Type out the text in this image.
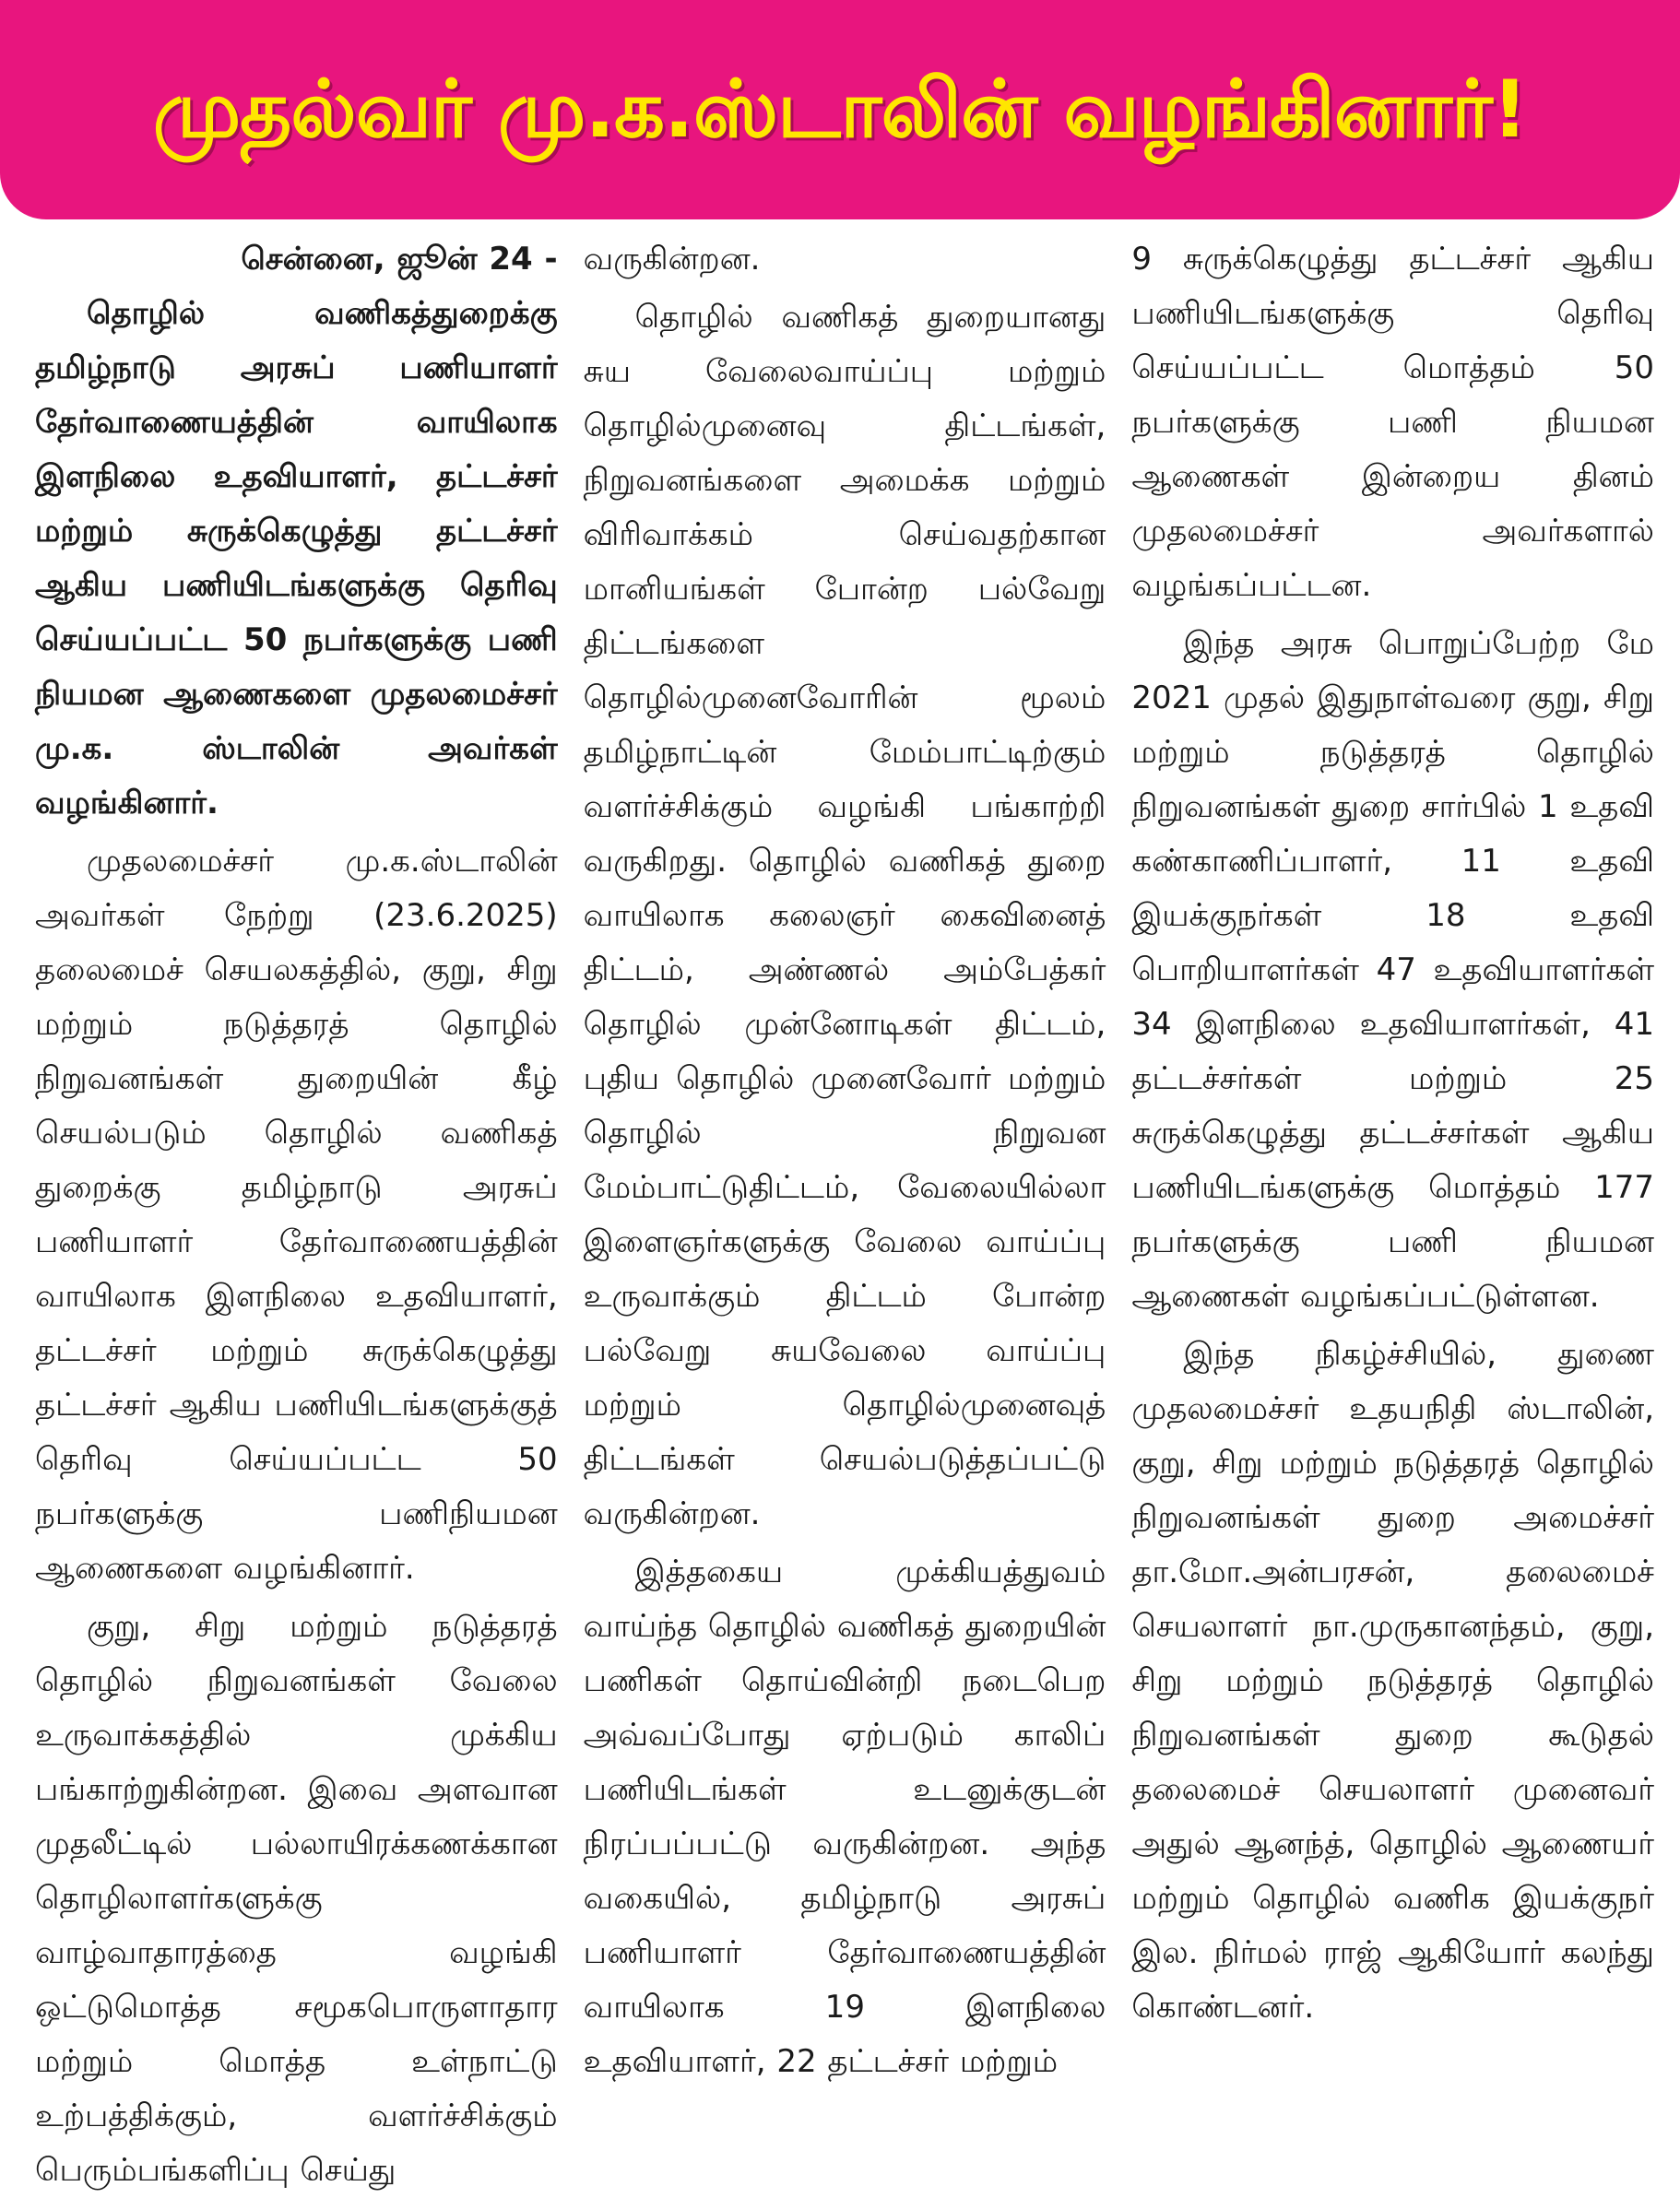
முதல்வர் மு.க.ஸ்டாலின் வழங்கினார்!
சென்னை, ஜூன் 24 -

தொழில் வணிகத்துறைக்கு தமிழ்நாடு அரசுப் பணியாளர் தேர்வாணையத்தின் வாயிலாக இளநிலை உதவியாளர், தட்டச்சர் மற்றும் சுருக்கெழுத்து தட்டச்சர் ஆகிய பணியிடங்களுக்கு தெரிவு செய்யப்பட்ட 50 நபர்களுக்கு பணி நியமன ஆணைகளை முதலமைச்சர் மு.க. ஸ்டாலின் அவர்கள் வழங்கினார்.

முதலமைச்சர் மு.க.ஸ்டாலின் அவர்கள் நேற்று (23.6.2025) தலைமைச் செயலகத்தில், குறு, சிறு மற்றும் நடுத்தரத் தொழில் நிறுவனங்கள் துறையின் கீழ் செயல்படும் தொழில் வணிகத் துறைக்கு தமிழ்நாடு அரசுப் பணியாளர் தேர்வாணையத்தின் வாயிலாக இளநிலை உதவியாளர், தட்டச்சர் மற்றும் சுருக்கெழுத்து தட்டச்சர் ஆகிய பணியிடங்களுக்குத் தெரிவு செய்யப்பட்ட 50 நபர்களுக்கு பணிநியமன ஆணைகளை வழங்கினார்.

குறு, சிறு மற்றும் நடுத்தரத் தொழில் நிறுவனங்கள் வேலை உருவாக்கத்தில் முக்கிய பங்காற்றுகின்றன. இவை அளவான முதலீட்டில் பல்லாயிரக்கணக்கான தொழிலாளர்களுக்கு வாழ்வாதாரத்தை வழங்கி ஒட்டுமொத்த சமூகபொருளாதார மற்றும் மொத்த உள்நாட்டு உற்பத்திக்கும், வளர்ச்சிக்கும் பெரும்பங்களிப்பு செய்து

வருகின்றன.

தொழில் வணிகத் துறையானது சுய வேலைவாய்ப்பு மற்றும் தொழில்முனைவு திட்டங்கள், நிறுவனங்களை அமைக்க மற்றும் விரிவாக்கம் செய்வதற்கான மானியங்கள் போன்ற பல்வேறு திட்டங்களை தொழில்முனைவோரின் மூலம் தமிழ்நாட்டின் மேம்பாட்டிற்கும் வளர்ச்சிக்கும் வழங்கி பங்காற்றி வருகிறது. தொழில் வணிகத் துறை வாயிலாக கலைஞர் கைவினைத் திட்டம், அண்ணல் அம்பேத்கர் தொழில் முன்னோடிகள் திட்டம், புதிய தொழில் முனைவோர் மற்றும் தொழில் நிறுவன மேம்பாட்டுதிட்டம், வேலையில்லா இளைஞர்களுக்கு வேலை வாய்ப்பு உருவாக்கும் திட்டம் போன்ற பல்வேறு சுயவேலை வாய்ப்பு மற்றும் தொழில்முனைவுத் திட்டங்கள் செயல்படுத்தப்பட்டு வருகின்றன.

இத்தகைய முக்கியத்துவம் வாய்ந்த தொழில் வணிகத் துறையின் பணிகள் தொய்வின்றி நடைபெற அவ்வப்போது ஏற்படும் காலிப் பணியிடங்கள் உடனுக்குடன் நிரப்பப்பட்டு வருகின்றன. அந்த வகையில், தமிழ்நாடு அரசுப் பணியாளர் தேர்வாணையத்தின் வாயிலாக 19 இளநிலை உதவியாளர், 22 தட்டச்சர் மற்றும்

9 சுருக்கெழுத்து தட்டச்சர் ஆகிய பணியிடங்களுக்கு தெரிவு செய்யப்பட்ட மொத்தம் 50 நபர்களுக்கு பணி நியமன ஆணைகள் இன்றைய தினம் முதலமைச்சர் அவர்களால் வழங்கப்பட்டன.

இந்த அரசு பொறுப்பேற்ற மே 2021 முதல் இதுநாள்வரை குறு, சிறு மற்றும் நடுத்தரத் தொழில் நிறுவனங்கள் துறை சார்பில் 1 உதவி கண்காணிப்பாளர், 11 உதவி இயக்குநர்கள் 18 உதவி பொறியாளர்கள் 47 உதவியாளர்கள் 34 இளநிலை உதவியாளர்கள், 41 தட்டச்சர்கள் மற்றும் 25 சுருக்கெழுத்து தட்டச்சர்கள் ஆகிய பணியிடங்களுக்கு மொத்தம் 177 நபர்களுக்கு பணி நியமன ஆணைகள் வழங்கப்பட்டுள்ளன.

இந்த நிகழ்ச்சியில், துணை முதலமைச்சர் உதயநிதி ஸ்டாலின், குறு, சிறு மற்றும் நடுத்தரத் தொழில் நிறுவனங்கள் துறை அமைச்சர் தா.மோ.அன்பரசன், தலைமைச் செயலாளர் நா.முருகானந்தம், குறு, சிறு மற்றும் நடுத்தரத் தொழில் நிறுவனங்கள் துறை கூடுதல் தலைமைச் செயலாளர் முனைவர் அதுல் ஆனந்த், தொழில் ஆணையர் மற்றும் தொழில் வணிக இயக்குநர் இல. நிர்மல் ராஜ் ஆகியோர் கலந்து கொண்டனர்.
